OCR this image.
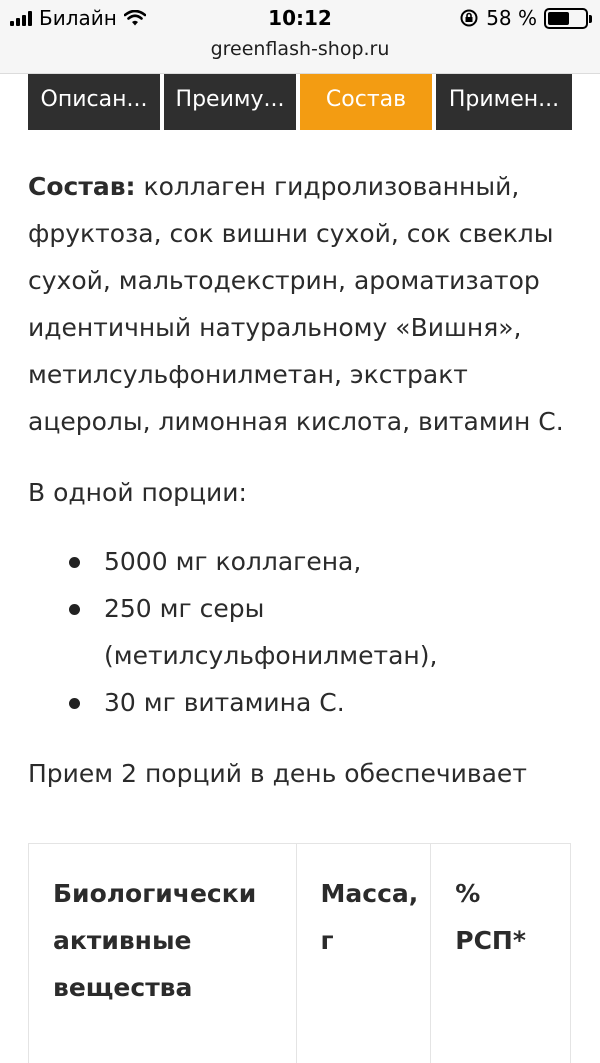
Билайн	10:12	58 %
greenflash-shop.ru
Описан...	Преиму...	Состав	Примен...

Состав: коллаген гидролизованный, фруктоза, сок вишни сухой, сок свеклы сухой, мальтодекстрин, ароматизатор идентичный натуральному «Вишня», метилсульфонилметан, экстракт ацеролы, лимонная кислота, витамин С.

В одной порции:

5000 мг коллагена,
250 мг серы (метилсульфонилметан),
30 мг витамина С.

Прием 2 порций в день обеспечивает

Биологически активные вещества	Масса, г	% РСП*
